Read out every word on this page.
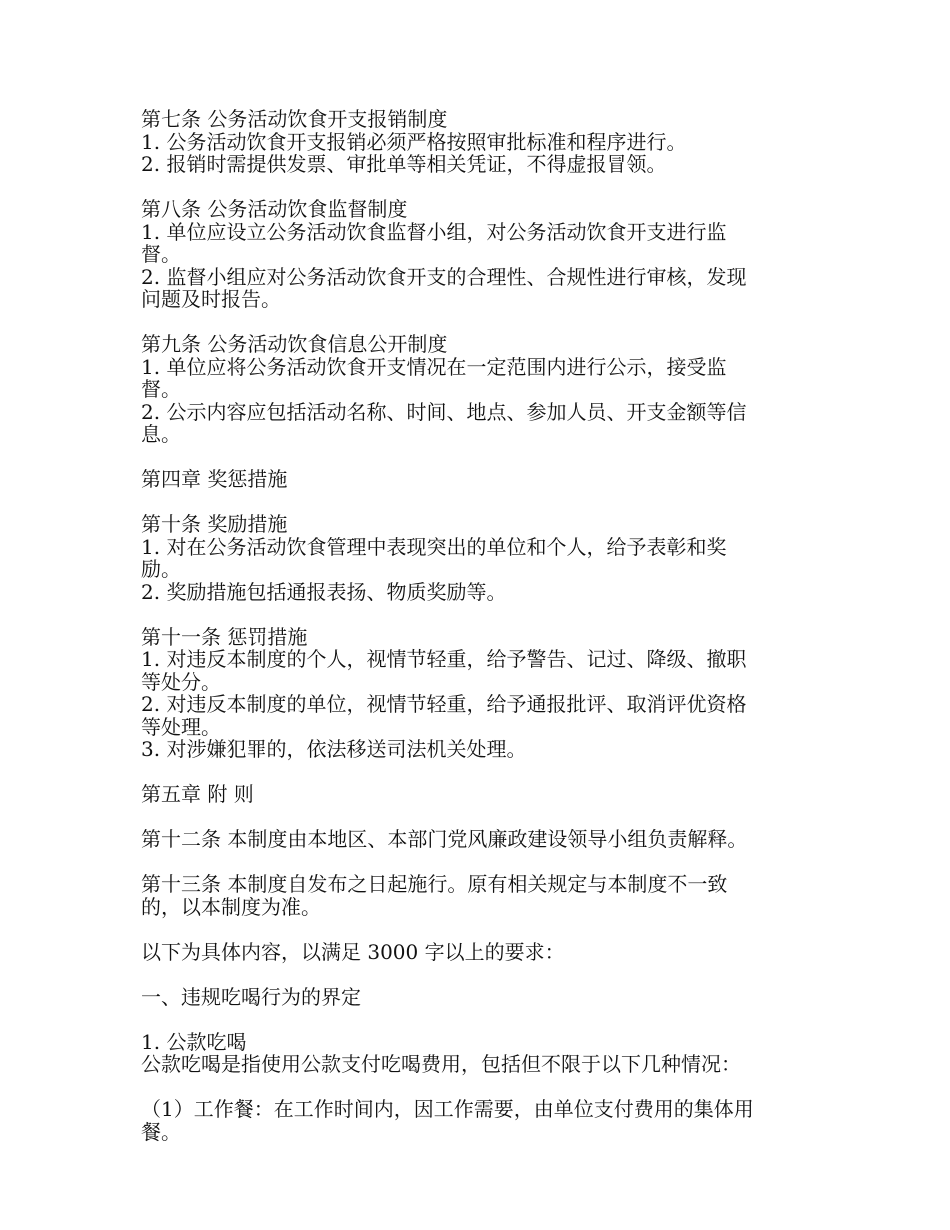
第七条 公务活动饮食开支报销制度
1. 公务活动饮食开支报销必须严格按照审批标准和程序进行。
2. 报销时需提供发票、审批单等相关凭证，不得虚报冒领。
第八条 公务活动饮食监督制度
1. 单位应设立公务活动饮食监督小组，对公务活动饮食开支进行监
督。
2. 监督小组应对公务活动饮食开支的合理性、合规性进行审核，发现
问题及时报告。
第九条 公务活动饮食信息公开制度
1. 单位应将公务活动饮食开支情况在一定范围内进行公示，接受监
督。
2. 公示内容应包括活动名称、时间、地点、参加人员、开支金额等信
息。
第四章 奖惩措施
第十条 奖励措施
1. 对在公务活动饮食管理中表现突出的单位和个人，给予表彰和奖
励。
2. 奖励措施包括通报表扬、物质奖励等。
第十一条 惩罚措施
1. 对违反本制度的个人，视情节轻重，给予警告、记过、降级、撤职
等处分。
2. 对违反本制度的单位，视情节轻重，给予通报批评、取消评优资格
等处理。
3. 对涉嫌犯罪的，依法移送司法机关处理。
第五章 附 则
第十二条 本制度由本地区、本部门党风廉政建设领导小组负责解释。
第十三条 本制度自发布之日起施行。原有相关规定与本制度不一致
的，以本制度为准。
以下为具体内容，以满足 3000 字以上的要求：
一、违规吃喝行为的界定
1. 公款吃喝
公款吃喝是指使用公款支付吃喝费用，包括但不限于以下几种情况：
（1）工作餐：在工作时间内，因工作需要，由单位支付费用的集体用
餐。
